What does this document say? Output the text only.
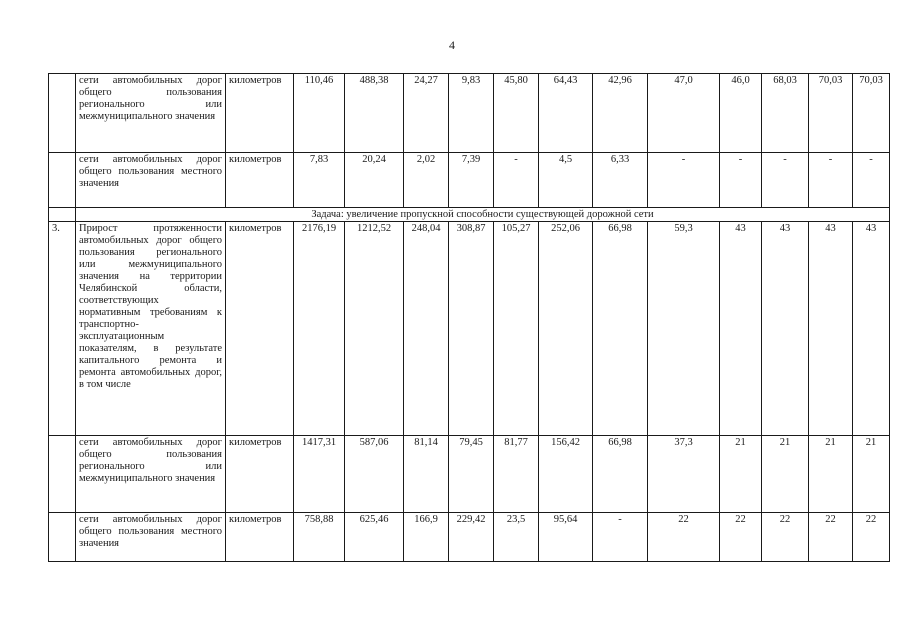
4
	сети автомобильных дорог общего пользования регионального или межмуниципального значения	километров	110,46	488,38	24,27	9,83	45,80	64,43	42,96	47,0	46,0	68,03	70,03	70,03
	сети автомобильных дорог общего пользования местного значения	километров	7,83	20,24	2,02	7,39	-	4,5	6,33	-	-	-	-	-
	Задача: увеличение пропускной способности существующей дорожной сети													
3.	Прирост протяженности автомобильных дорог общего пользования регионального или межмуниципального значения на территории Челябинской области, соответствующих нормативным требованиям к транспортно-эксплуатационным показателям, в результате капитального ремонта и ремонта автомобильных дорог, в том числе	километров	2176,19	1212,52	248,04	308,87	105,27	252,06	66,98	59,3	43	43	43	43
	сети автомобильных дорог общего пользования регионального или межмуниципального значения	километров	1417,31	587,06	81,14	79,45	81,77	156,42	66,98	37,3	21	21	21	21
	сети автомобильных дорог общего пользования местного значения	километров	758,88	625,46	166,9	229,42	23,5	95,64	-	22	22	22	22	22
